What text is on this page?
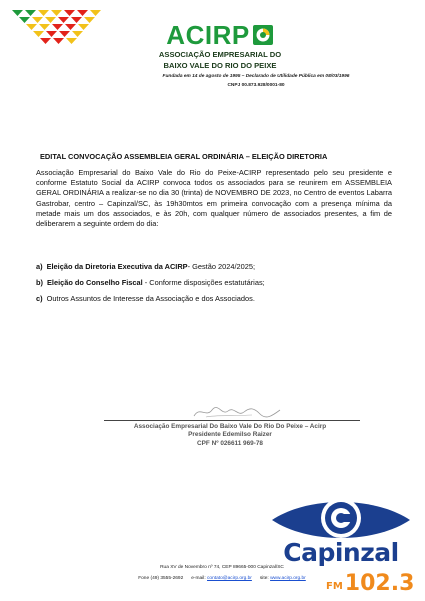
ACIRP
ASSOCIAÇÃO EMPRESARIAL DO
BAIXO VALE DO RIO DO PEIXE
Fundada em 14 de agosto de 1995 – Declarado de Utilidade Pública em 08/03/1996
CNPJ 00.873.928/0001-80
EDITAL CONVOCAÇÃO ASSEMBLEIA GERAL ORDINÁRIA – ELEIÇÃO DIRETORIA

Associação Empresarial do Baixo Vale do Rio do Peixe-ACIRP representado pelo seu presidente e conforme Estatuto Social da ACIRP convoca todos os associados para se reunirem em ASSEMBLEIA GERAL ORDINÁRIA a realizar-se no dia 30 (trinta) de NOVEMBRO DE 2023, no Centro de eventos Labarra Gastrobar, centro – Capinzal/SC, às 19h30mtos em primeira convocação com a presença mínima da metade mais um dos associados, e às 20h, com qualquer número de associados presentes, a fim de deliberarem a seguinte ordem do dia:

a) Eleição da Diretoria Executiva da ACIRP- Gestão 2024/2025;
b) Eleição do Conselho Fiscal - Conforme disposições estatutárias;
c) Outros Assuntos de Interesse da Associação e dos Associados.
Associação Empresarial Do Baixo Vale Do Rio Do Peixe – Acirp
Presidente Edemilso Raizer
CPF Nº 026611 969-78
Rua XV de Novembro nº 74, CEP 89665-000 Capinzal/SC
Fone (49) 3555-2692 e-mail: contato@acirp.org.br site: www.acirp.org.br
Capinzal
FM 102.3
